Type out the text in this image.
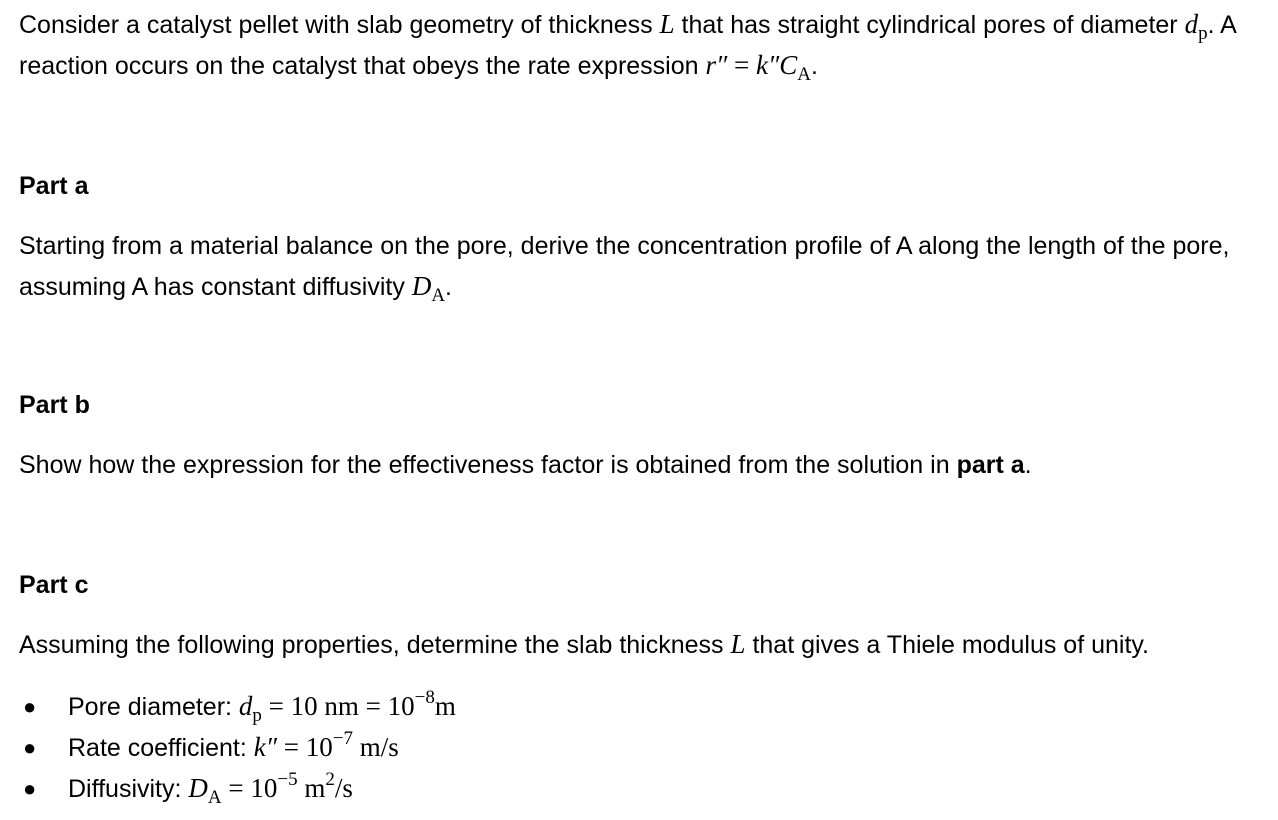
Consider a catalyst pellet with slab geometry of thickness L that has straight cylindrical pores of diameter $d_p$. A reaction occurs on the catalyst that obeys the rate expression $r'' = k''C_A$.

Part a

Starting from a material balance on the pore, derive the concentration profile of A along the length of the pore, assuming A has constant diffusivity $D_A$.

Part b

Show how the expression for the effectiveness factor is obtained from the solution in part a.

Part c

Assuming the following properties, determine the slab thickness L that gives a Thiele modulus of unity.

● Pore diameter: $d_p = 10$ nm = $10^{-8}m$
● Rate coefficient: $k'' = 10^{-7}$ m/s
● Diffusivity: $D_A = 10^{-5}$ $m^2/s$
